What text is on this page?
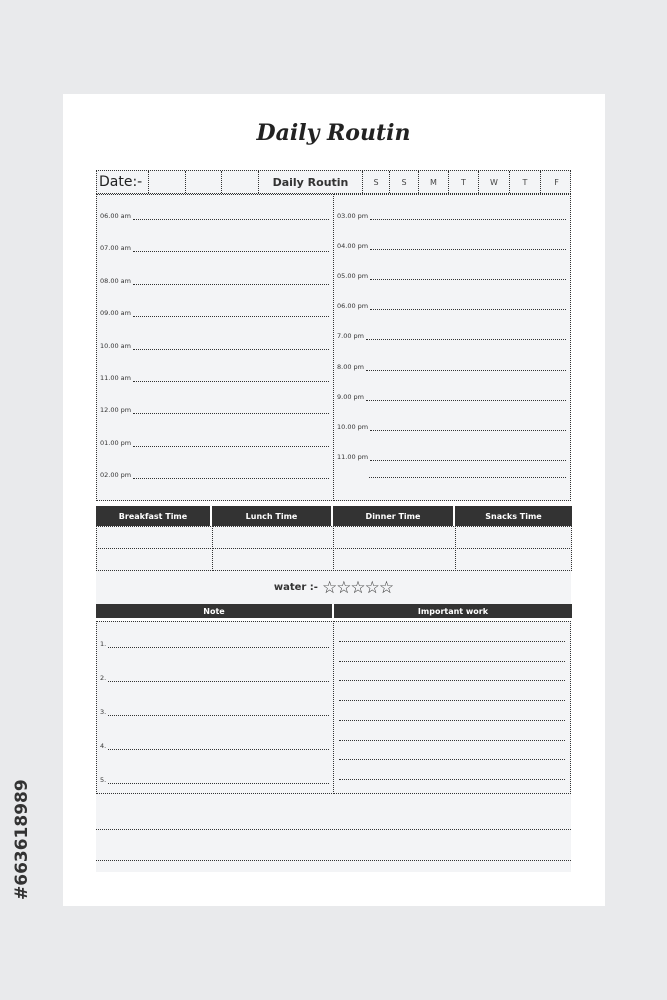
Daily Routin
Date:-	Daily Routin	S	S	M	T	W	T	F
06.00 am
07.00 am
08.00 am
09.00 am
10.00 am
11.00 am
12.00 pm
01.00 pm
02.00 pm
03.00 pm
04.00 pm
05.00 pm
06.00 pm
7.00 pm
8.00 pm
9.00 pm
10.00 pm
11.00 pm
Breakfast Time	Lunch Time	Dinner Time	Snacks Time
water :- ☆☆☆☆☆
Note	Important work
1.
2.
3.
4.
5.
#663618989
